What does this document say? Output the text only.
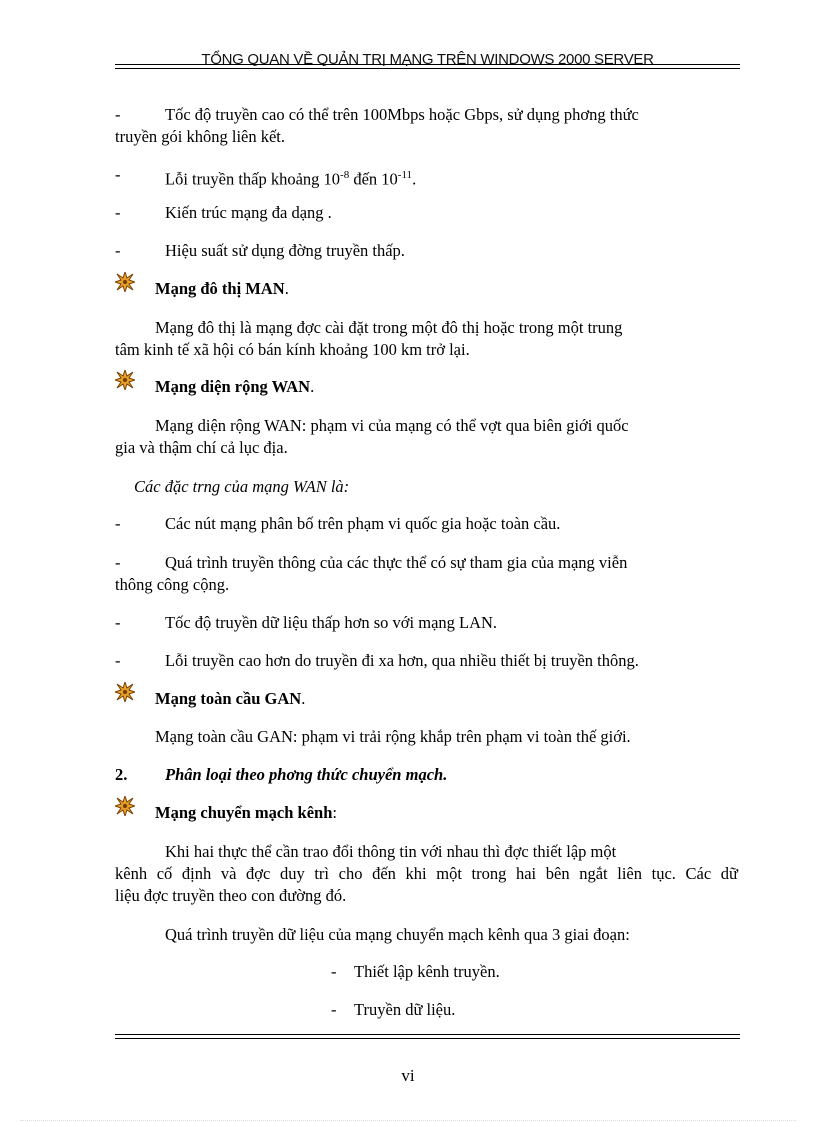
TỔNG QUAN VỀ QUẢN TRỊ MẠNG TRÊN WINDOWS 2000 SERVER
-	Tốc độ truyền cao có thể trên 100Mbps hoặc Gbps, sử dụng phơng thức
truyền gói không liên kết.
-	Lỗi truyền thấp khoảng $10^{-8}$ đến $10^{-11}$.
-	Kiến trúc mạng đa dạng .
-	Hiệu suất sử dụng đờng truyền thấp.
Mạng đô thị MAN.
Mạng đô thị là mạng đợc cài đặt trong một đô thị hoặc trong một trung
tâm kinh tế xã hội có bán kính khoảng 100 km trở lại.
Mạng diện rộng WAN.
Mạng diện rộng WAN: phạm vi của mạng có thể vợt qua biên giới quốc
gia và thậm chí cả lục địa.
Các đặc trng của mạng WAN là:
-	Các nút mạng phân bố trên phạm vi quốc gia hoặc toàn cầu.
-	Quá trình truyền thông của các thực thể có sự tham gia của mạng viễn
thông công cộng.
-	Tốc độ truyền dữ liệu thấp hơn so với mạng LAN.
-	Lỗi truyền cao hơn do truyền đi xa hơn, qua nhiều thiết bị truyền thông.
Mạng toàn cầu GAN.
Mạng toàn cầu GAN: phạm vi trải rộng khắp trên phạm vi toàn thế giới.
2. Phân loại theo phơng thức chuyển mạch.
Mạng chuyển mạch kênh:
Khi hai thực thể cần trao đổi thông tin với nhau thì đợc thiết lập một
kênh cố định và đợc duy trì cho đến khi một trong hai bên ngắt liên tục. Các dữ
liệu đợc truyền theo con đường đó.
Quá trình truyền dữ liệu của mạng chuyển mạch kênh qua 3 giai đoạn:
- Thiết lập kênh truyền.
- Truyền dữ liệu.
vi
